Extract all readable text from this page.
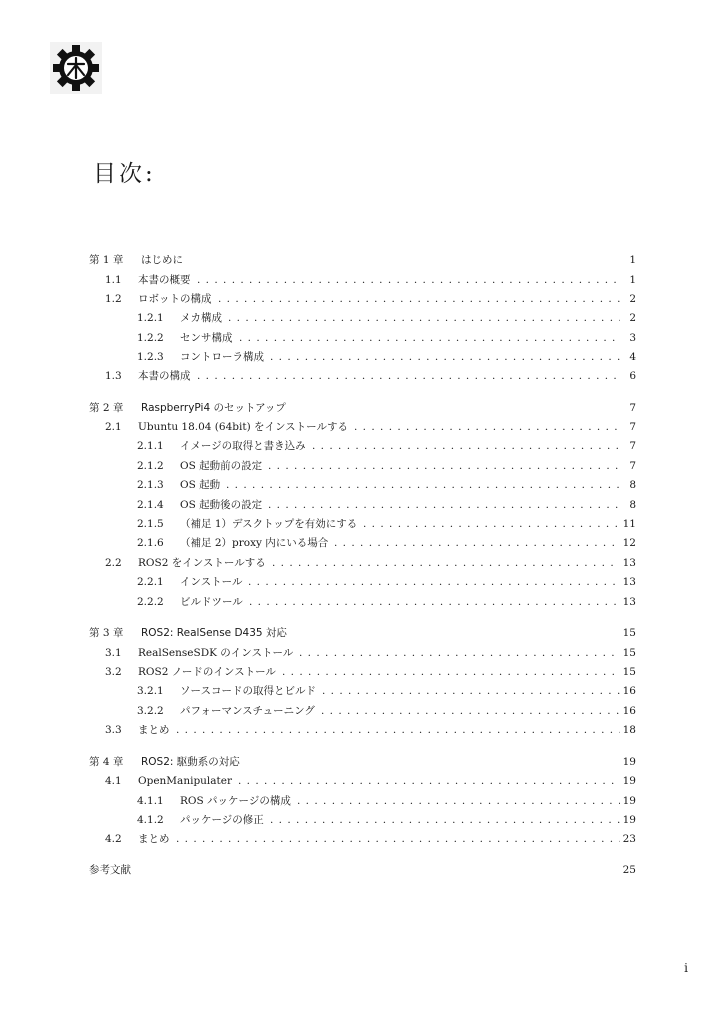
目次:
第 1 章 はじめに	1
1.1 本書の概要	1
. . .
1.2 ロボットの構成	2
. . .
1.2.1 メカ構成	2
. . .
1.2.2 センサ構成	3
. . .
1.2.3 コントローラ構成	4
. . .
1.3 本書の構成	6
. . .
第 2 章 RaspberryPi4 のセットアップ	7
2.1 Ubuntu 18.04 (64bit) をインストールする	7
. . .
2.1.1 イメージの取得と書き込み	7
. . .
2.1.2 OS 起動前の設定	7
. . .
2.1.3 OS 起動	8
. . .
2.1.4 OS 起動後の設定	8
. . .
2.1.5 （補足 1）デスクトップを有効にする	11
. . .
2.1.6 （補足 2）proxy 内にいる場合	12
. . .
2.2 ROS2 をインストールする	13
. . .
2.2.1 インストール	13
. . .
2.2.2 ビルドツール	13
. . .
第 3 章 ROS2: RealSense D435 対応	15
3.1 RealSenseSDK のインストール	15
. . .
3.2 ROS2 ノードのインストール	15
. . .
3.2.1 ソースコードの取得とビルド	16
. . .
3.2.2 パフォーマンスチューニング	16
. . .
3.3 まとめ	18
. . .
第 4 章 ROS2: 駆動系の対応	19
4.1 OpenManipulater	19
. . .
4.1.1 ROS パッケージの構成	19
. . .
4.1.2 パッケージの修正	19
. . .
4.2 まとめ	23
. . .
参考文献	25
i
